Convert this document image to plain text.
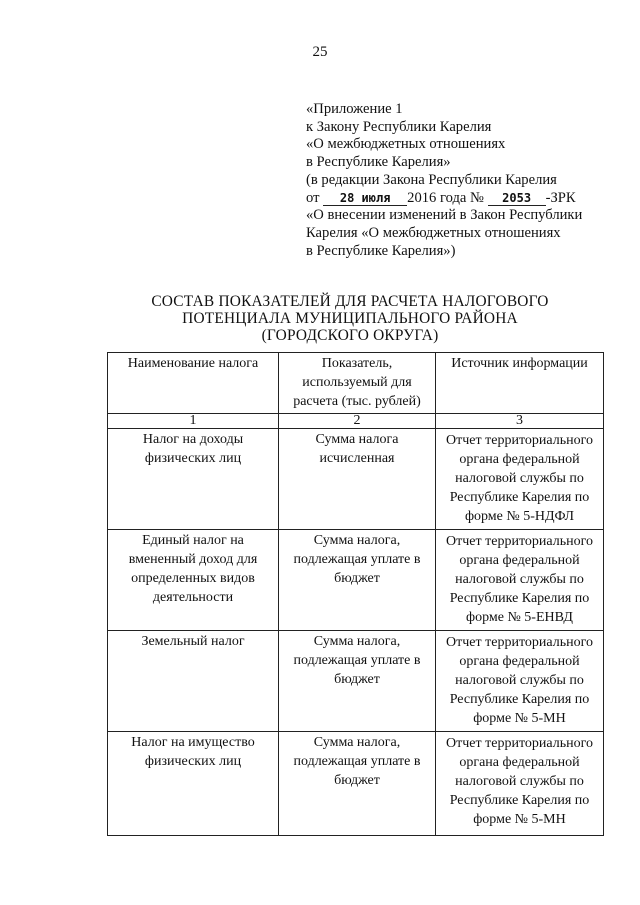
25
«Приложение 1
к Закону Республики Карелия
«О межбюджетных отношениях
в Республике Карелия»
(в редакции Закона Республики Карелия
от 28 июля 2016 года № 2053 -ЗРК
«О внесении изменений в Закон Республики
Карелия «О межбюджетных отношениях
в Республике Карелия»)
СОСТАВ ПОКАЗАТЕЛЕЙ ДЛЯ РАСЧЕТА НАЛОГОВОГО
ПОТЕНЦИАЛА МУНИЦИПАЛЬНОГО РАЙОНА
(ГОРОДСКОГО ОКРУГА)
Наименование налога	Показатель, используемый для расчета (тыс. рублей)	Источник информации
1	2	3
Налог на доходы физических лиц	Сумма налога исчисленная	Отчет территориального органа федеральной налоговой службы по Республике Карелия по форме № 5-НДФЛ
Единый налог на вмененный доход для определенных видов деятельности	Сумма налога, подлежащая уплате в бюджет	Отчет территориального органа федеральной налоговой службы по Республике Карелия по форме № 5-ЕНВД
Земельный налог	Сумма налога, подлежащая уплате в бюджет	Отчет территориального органа федеральной налоговой службы по Республике Карелия по форме № 5-МН
Налог на имущество физических лиц	Сумма налога, подлежащая уплате в бюджет	Отчет территориального органа федеральной налоговой службы по Республике Карелия по форме № 5-МН
